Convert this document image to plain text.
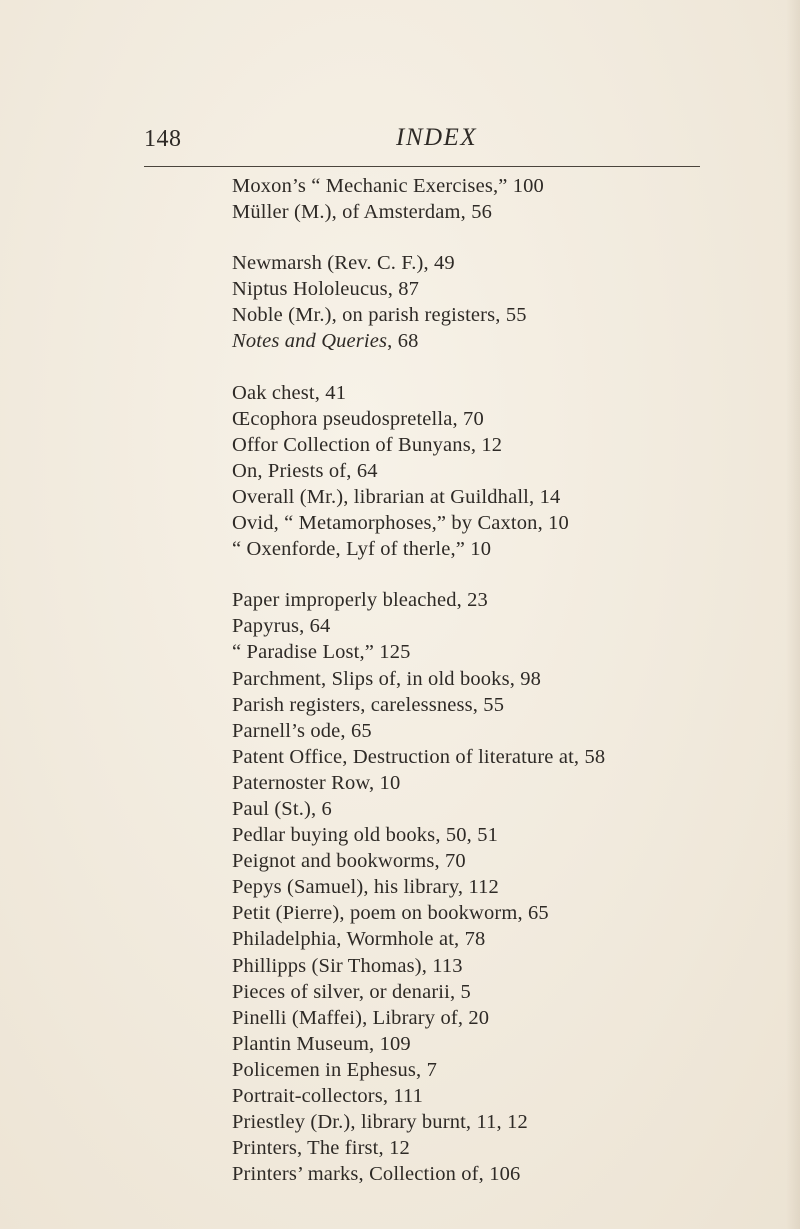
148	INDEX
Moxon’s “ Mechanic Exercises,” 100
Müller (M.), of Amsterdam, 56
Newmarsh (Rev. C. F.), 49
Niptus Hololeucus, 87
Noble (Mr.), on parish registers, 55
Notes and Queries, 68
Oak chest, 41
Œcophora pseudospretella, 70
Offor Collection of Bunyans, 12
On, Priests of, 64
Overall (Mr.), librarian at Guildhall, 14
Ovid, “ Metamorphoses,” by Caxton, 10
“ Oxenforde, Lyf of therle,” 10
Paper improperly bleached, 23
Papyrus, 64
“ Paradise Lost,” 125
Parchment, Slips of, in old books, 98
Parish registers, carelessness, 55
Parnell’s ode, 65
Patent Office, Destruction of literature at, 58
Paternoster Row, 10
Paul (St.), 6
Pedlar buying old books, 50, 51
Peignot and bookworms, 70
Pepys (Samuel), his library, 112
Petit (Pierre), poem on bookworm, 65
Philadelphia, Wormhole at, 78
Phillipps (Sir Thomas), 113
Pieces of silver, or denarii, 5
Pinelli (Maffei), Library of, 20
Plantin Museum, 109
Policemen in Ephesus, 7
Portrait-collectors, 111
Priestley (Dr.), library burnt, 11, 12
Printers, The first, 12
Printers’ marks, Collection of, 106
